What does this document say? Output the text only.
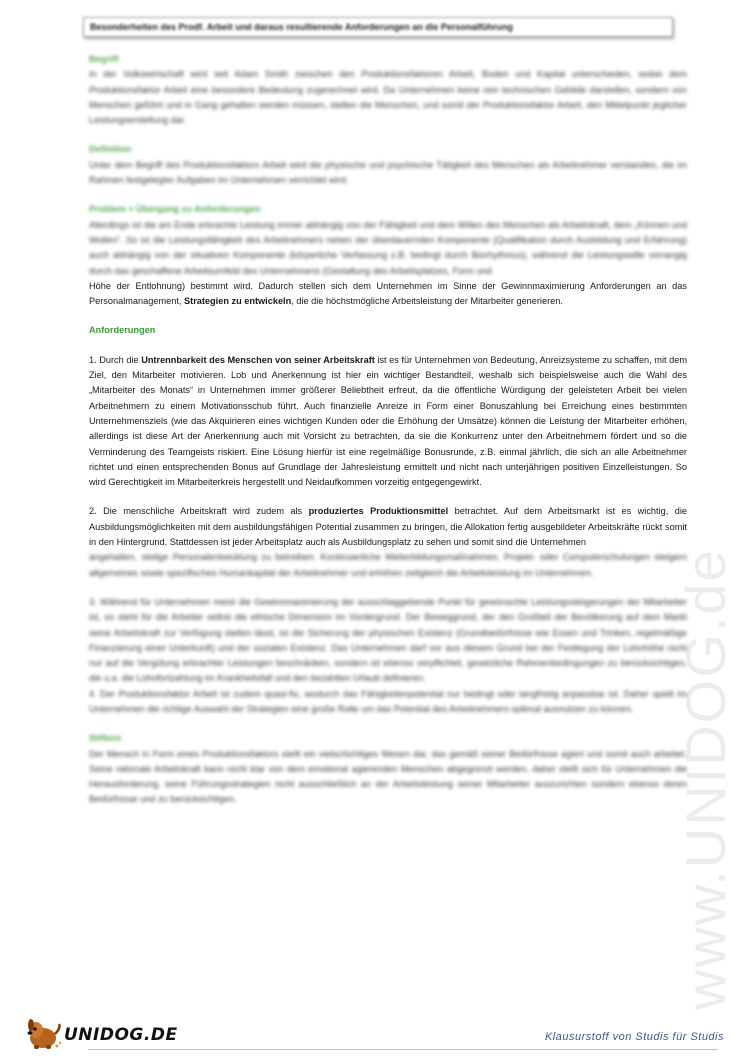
www.UNIDOG.de
Besonderheiten des Prodf. Arbeit und daraus resultierende Anforderungen an die Personalführung

Begriff

In der Volkswirtschaft wird seit Adam Smith zwischen den Produktionsfaktoren Arbeit, Boden und Kapital unterschieden, wobei dem Produktionsfaktor Arbeit eine besondere Bedeutung zugerechnet wird. Da Unternehmen keine rein technischen Gebilde darstellen, sondern von Menschen geführt und in Gang gehalten werden müssen, stellen die Menschen, und somit der Produktionsfaktor Arbeit, den Mittelpunkt jeglicher Leistungserstellung dar.

Definition

Unter dem Begriff des Produktionsfaktors Arbeit wird die physische und psychische Tätigkeit des Menschen als Arbeitnehmer verstanden, die im Rahmen festgelegter Aufgaben im Unternehmen verrichtet wird.

Problem + Übergang zu Anforderungen

Allerdings ist die am Ende erbrachte Leistung immer abhängig von der Fähigkeit und dem Willen des Menschen als Arbeitskraft, dem „Können und Wollen“. So ist die Leistungsfähigkeit des Arbeitnehmers neben der überdauernden Komponente (Qualifikation durch Ausbildung und Erfahrung) auch abhängig von der situativen Komponente (körperliche Verfassung z.B. bedingt durch Biorhythmus), während die Leistungswille vorrangig durch das geschaffene Arbeitsumfeld des Unternehmens (Gestaltung des Arbeitsplatzes, Form und

Höhe der Entlohnung) bestimmt wird. Dadurch stellen sich dem Unternehmen im Sinne der Gewinnmaximierung Anforderungen an das Personalmanagement, Strategien zu entwickeln, die die höchstmögliche Arbeitsleistung der Mitarbeiter generieren.

Anforderungen

1. Durch die Untrennbarkeit des Menschen von seiner Arbeitskraft ist es für Unternehmen von Bedeutung, Anreizsysteme zu schaffen, mit dem Ziel, den Mitarbeiter motivieren. Lob und Anerkennung ist hier ein wichtiger Bestandteil, weshalb sich beispielsweise auch die Wahl des „Mitarbeiter des Monats“ in Unternehmen immer größerer Beliebtheit erfreut, da die öffentliche Würdigung der geleisteten Arbeit bei vielen Arbeitnehmern zu einem Motivationsschub führt. Auch finanzielle Anreize in Form einer Bonuszahlung bei Erreichung eines bestimmten Unternehmensziels (wie das Akquirieren eines wichtigen Kunden oder die Erhöhung der Umsätze) können die Leistung der Mitarbeiter erhöhen, allerdings ist diese Art der Anerkennung auch mit Vorsicht zu betrachten, da sie die Konkurrenz unter den Arbeitnehmern fördert und so die Verminderung des Teamgeists riskiert. Eine Lösung hierfür ist eine regelmäßige Bonusrunde, z.B. einmal jährlich, die sich an alle Arbeitnehmer richtet und einen entsprechenden Bonus auf Grundlage der Jahresleistung ermittelt und nicht nach unterjährigen positiven Einzelleistungen. So wird Gerechtigkeit im Mitarbeiterkreis hergestellt und Neidaufkommen vorzeitig entgegengewirkt.

2. Die menschliche Arbeitskraft wird zudem als produziertes Produktionsmittel betrachtet. Auf dem Arbeitsmarkt ist es wichtig, die Ausbildungsmöglichkeiten mit dem ausbildungsfähigen Potential zusammen zu bringen, die Allokation fertig ausgebildeter Arbeitskräfte rückt somit in den Hintergrund. Stattdessen ist jeder Arbeitsplatz auch als Ausbildungsplatz zu sehen und somit sind die Unternehmen

angehalten, stetige Personalentwicklung zu betreiben. Kontinuierliche Weiterbildungsmaßnahmen, Projekt- oder Computerschulungen steigern allgemeines sowie spezifisches Humankapital der Arbeitnehmer und erhöhen zeitgleich die Arbeitsleistung im Unternehmen.

3. Während für Unternehmen meist die Gewinnmaximierung der ausschlaggebende Punkt für gewünschte Leistungssteigerungen der Mitarbeiter ist, so steht für die Arbeiter selbst die ethische Dimension im Vordergrund. Der Beweggrund, der den Großteil der Bevölkerung auf dem Markt seine Arbeitskraft zur Verfügung stellen lässt, ist die Sicherung der physischen Existenz (Grundbedürfnisse wie Essen und Trinken, regelmäßige Finanzierung einer Unterkunft) und der sozialen Existenz. Das Unternehmen darf vor aus diesem Grund bei der Festlegung der Lohnhöhe nicht nur auf die Vergütung erbrachter Leistungen beschränken, sondern ist ebenso verpflichtet, gesetzliche Rahmenbedingungen zu berücksichtigen, die u.a. die Lohnfortzahlung im Krankheitsfall und den bezahlten Urlaub definieren.

4. Der Produktionsfaktor Arbeit ist zudem quasi-fix, wodurch das Fähigkeitenpotential nur bedingt oder langfristig anpassbar ist. Daher spielt im Unternehmen die richtige Auswahl der Strategien eine große Rolle um das Potential des Arbeitnehmers optimal ausnutzen zu können.

Stiftern

Der Mensch in Form eines Produktionsfaktors stellt ein vielschichtiges Wesen dar, das gemäß seiner Bedürfnisse agiert und somit auch arbeitet. Seine rationale Arbeitskraft kann nicht klar von dem emotional agierenden Menschen abgegrenzt werden, daher stellt sich für Unternehmen die Herausforderung, seine Führungsstrategien nicht ausschließlich an der Arbeitsleistung seiner Mitarbeiter auszurichten sondern ebenso deren Bedürfnisse und zu berücksichtigen.

UNIDOG.DE	Klausurstoff von Studis für Studis
